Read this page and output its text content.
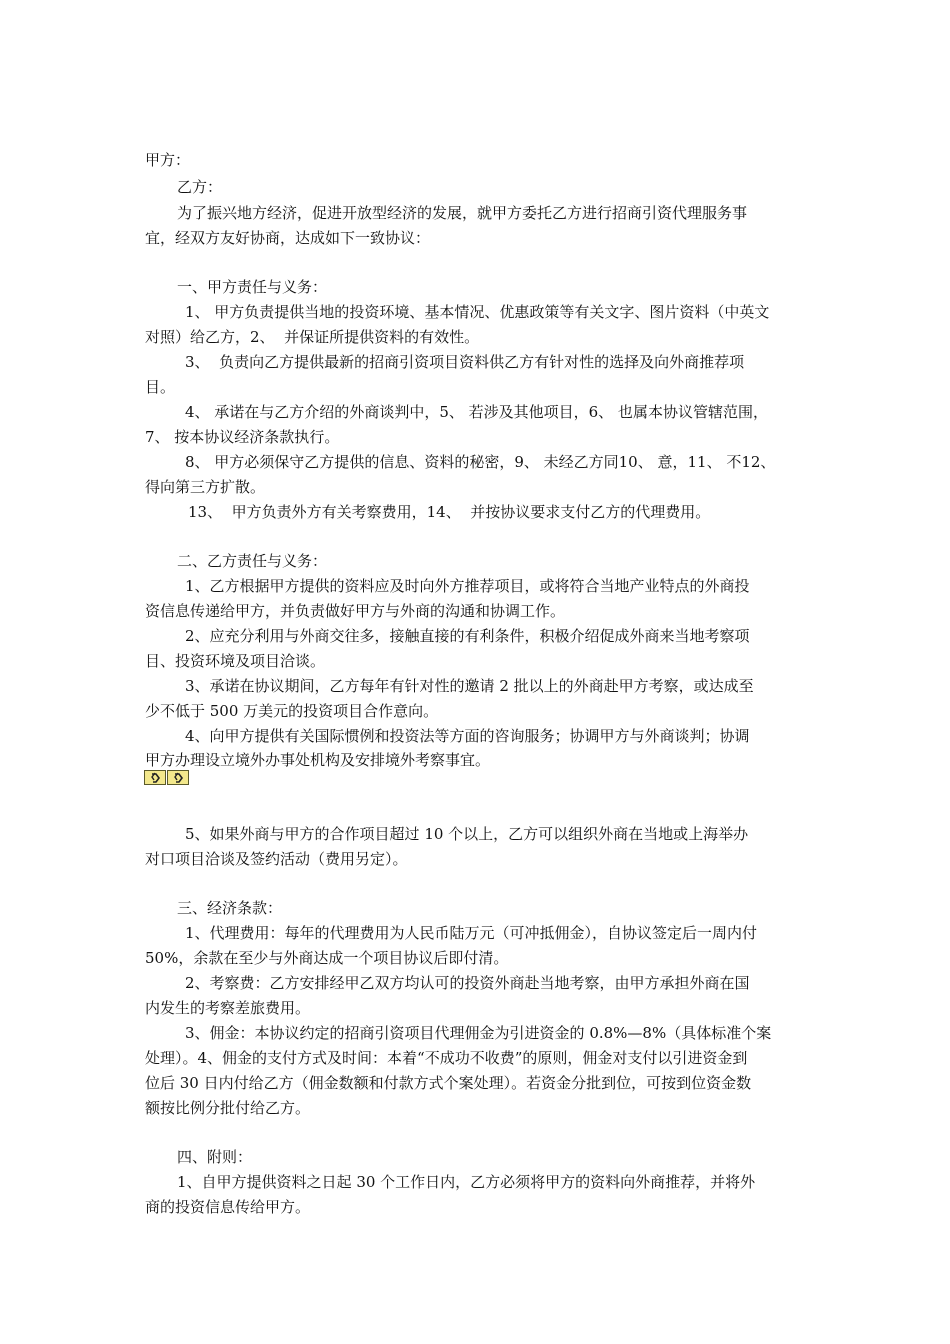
甲方：
乙方：
为了振兴地方经济，促进开放型经济的发展，就甲方委托乙方进行招商引资代理服务事
宜，经双方友好协商，达成如下一致协议：
一、甲方责任与义务：
1、 甲方负责提供当地的投资环境、基本情况、优惠政策等有关文字、图片资料（中英文
对照）给乙方，2、  并保证所提供资料的有效性。
3、  负责向乙方提供最新的招商引资项目资料供乙方有针对性的选择及向外商推荐项
目。
4、 承诺在与乙方介绍的外商谈判中，5、 若涉及其他项目，6、 也属本协议管辖范围，
7、 按本协议经济条款执行。
8、 甲方必须保守乙方提供的信息、资料的秘密，9、 未经乙方同10、 意，11、 不12、
得向第三方扩散。
13、  甲方负责外方有关考察费用，14、  并按协议要求支付乙方的代理费用。
二、乙方责任与义务：
1、乙方根据甲方提供的资料应及时向外方推荐项目，或将符合当地产业特点的外商投
资信息传递给甲方，并负责做好甲方与外商的沟通和协调工作。
2、应充分利用与外商交往多，接触直接的有利条件，积极介绍促成外商来当地考察项
目、投资环境及项目洽谈。
3、承诺在协议期间，乙方每年有针对性的邀请 2 批以上的外商赴甲方考察，或达成至
少不低于 500 万美元的投资项目合作意向。
4、向甲方提供有关国际惯例和投资法等方面的咨询服务；协调甲方与外商谈判；协调
甲方办理设立境外办事处机构及安排境外考察事宜。
5、如果外商与甲方的合作项目超过 10 个以上，乙方可以组织外商在当地或上海举办
对口项目洽谈及签约活动（费用另定）。
三、经济条款：
1、代理费用：每年的代理费用为人民币陆万元（可冲抵佣金），自协议签定后一周内付
50%，余款在至少与外商达成一个项目协议后即付清。
2、考察费：乙方安排经甲乙双方均认可的投资外商赴当地考察，由甲方承担外商在国
内发生的考察差旅费用。
3、佣金：本协议约定的招商引资项目代理佣金为引进资金的 0.8%—8%（具体标准个案
处理）。4、佣金的支付方式及时间：本着“不成功不收费”的原则，佣金对支付以引进资金到
位后 30 日内付给乙方（佣金数额和付款方式个案处理）。若资金分批到位，可按到位资金数
额按比例分批付给乙方。
四、附则：
1、自甲方提供资料之日起 30 个工作日内，乙方必须将甲方的资料向外商推荐，并将外
商的投资信息传给甲方。
